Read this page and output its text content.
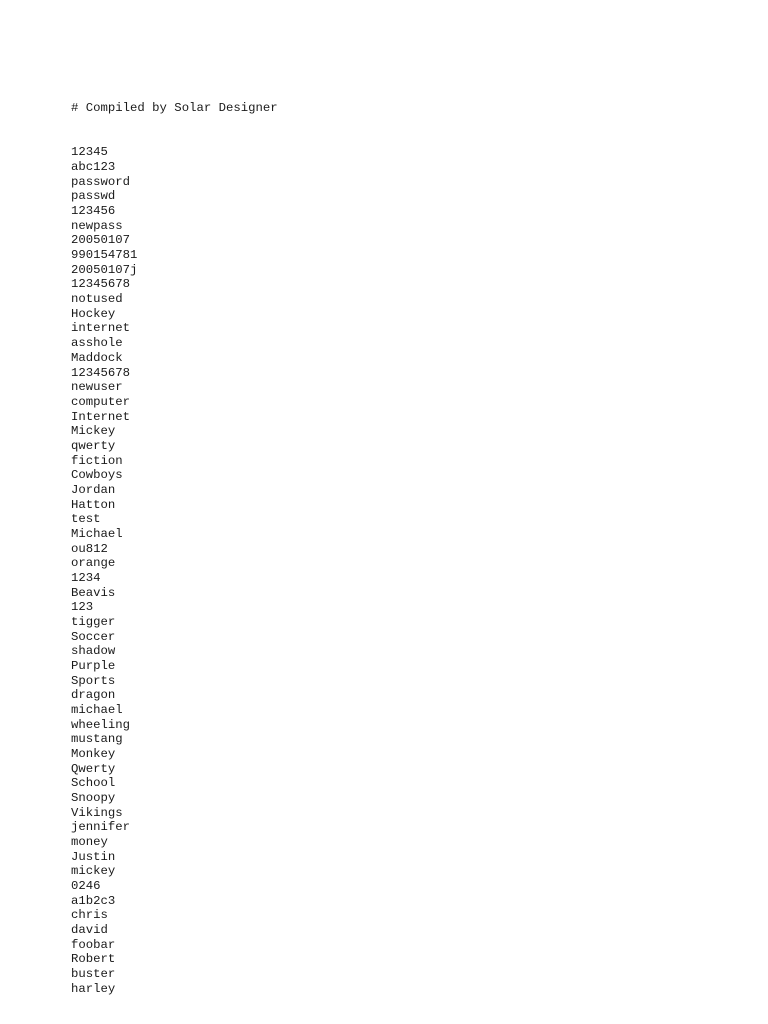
# Compiled by Solar Designer

12345
abc123
password
passwd
123456
newpass
20050107
990154781
20050107j
12345678
notused
Hockey
internet
asshole
Maddock
12345678
newuser
computer
Internet
Mickey
qwerty
fiction
Cowboys
Jordan
Hatton
test
Michael
ou812
orange
1234
Beavis
123
tigger
Soccer
shadow
Purple
Sports
dragon
michael
wheeling
mustang
Monkey
Qwerty
School
Snoopy
Vikings
jennifer
money
Justin
mickey
0246
a1b2c3
chris
david
foobar
Robert
buster
harley
